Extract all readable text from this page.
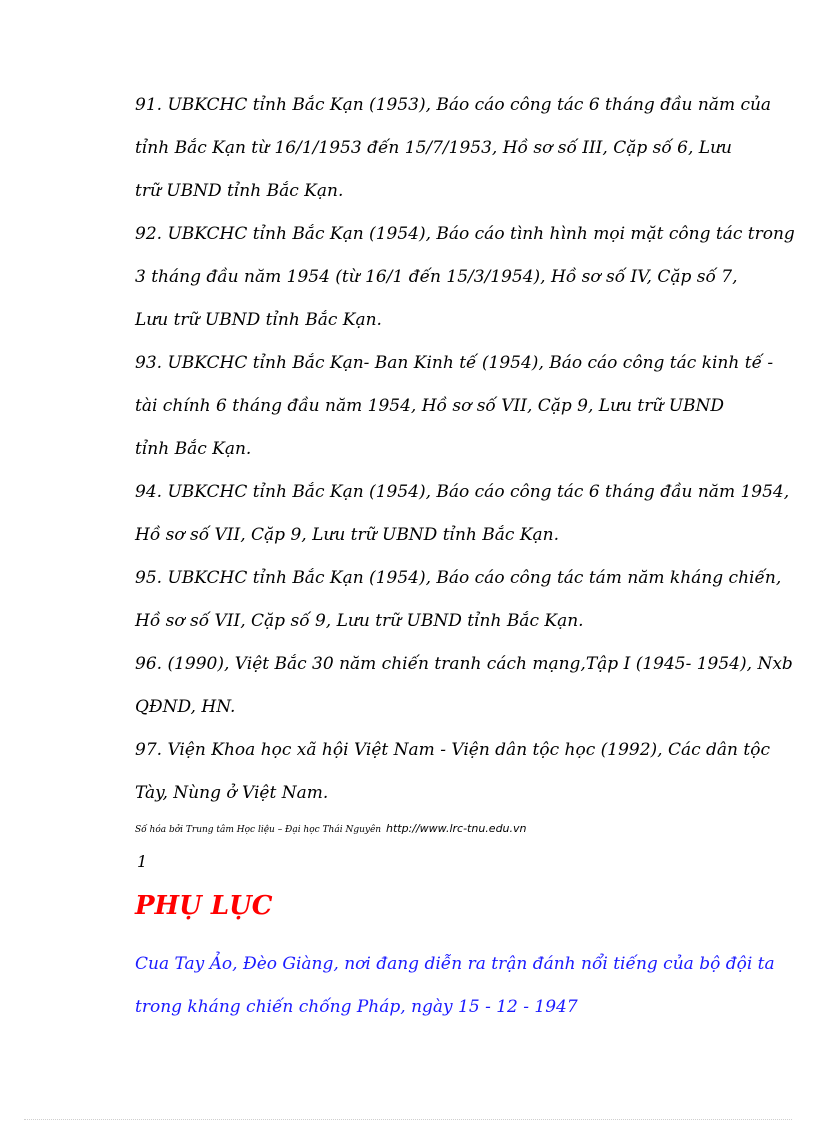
91. UBKCHC tỉnh Bắc Kạn (1953), Báo cáo công tác 6 tháng đầu năm của
tỉnh Bắc Kạn từ 16/1/1953 đến 15/7/1953, Hồ sơ số III, Cặp số 6, Lưu
trữ UBND tỉnh Bắc Kạn.
92. UBKCHC tỉnh Bắc Kạn (1954), Báo cáo tình hình mọi mặt công tác trong
3 tháng đầu năm 1954 (từ 16/1 đến 15/3/1954), Hồ sơ số IV, Cặp số 7,
Lưu trữ UBND tỉnh Bắc Kạn.
93. UBKCHC tỉnh Bắc Kạn- Ban Kinh tế (1954), Báo cáo công tác kinh tế -
tài chính 6 tháng đầu năm 1954, Hồ sơ số VII, Cặp 9, Lưu trữ UBND
tỉnh Bắc Kạn.
94. UBKCHC tỉnh Bắc Kạn (1954), Báo cáo công tác 6 tháng đầu năm 1954,
Hồ sơ số VII, Cặp 9, Lưu trữ UBND tỉnh Bắc Kạn.
95. UBKCHC tỉnh Bắc Kạn (1954), Báo cáo công tác tám năm kháng chiến,
Hồ sơ số VII, Cặp số 9, Lưu trữ UBND tỉnh Bắc Kạn.
96. (1990), Việt Bắc 30 năm chiến tranh cách mạng,Tập I (1945- 1954), Nxb
QĐND, HN.
97. Viện Khoa học xã hội Việt Nam - Viện dân tộc học (1992), Các dân tộc
Tày, Nùng ở Việt Nam.
Số hóa bởi Trung tâm Học liệu – Đại học Thái Nguyên http://www.lrc-tnu.edu.vn
1
PHỤ LỤC
Cua Tay Ảo, Đèo Giàng, nơi đang diễn ra trận đánh nổi tiếng của bộ đội ta
trong kháng chiến chống Pháp, ngày 15 - 12 - 1947
